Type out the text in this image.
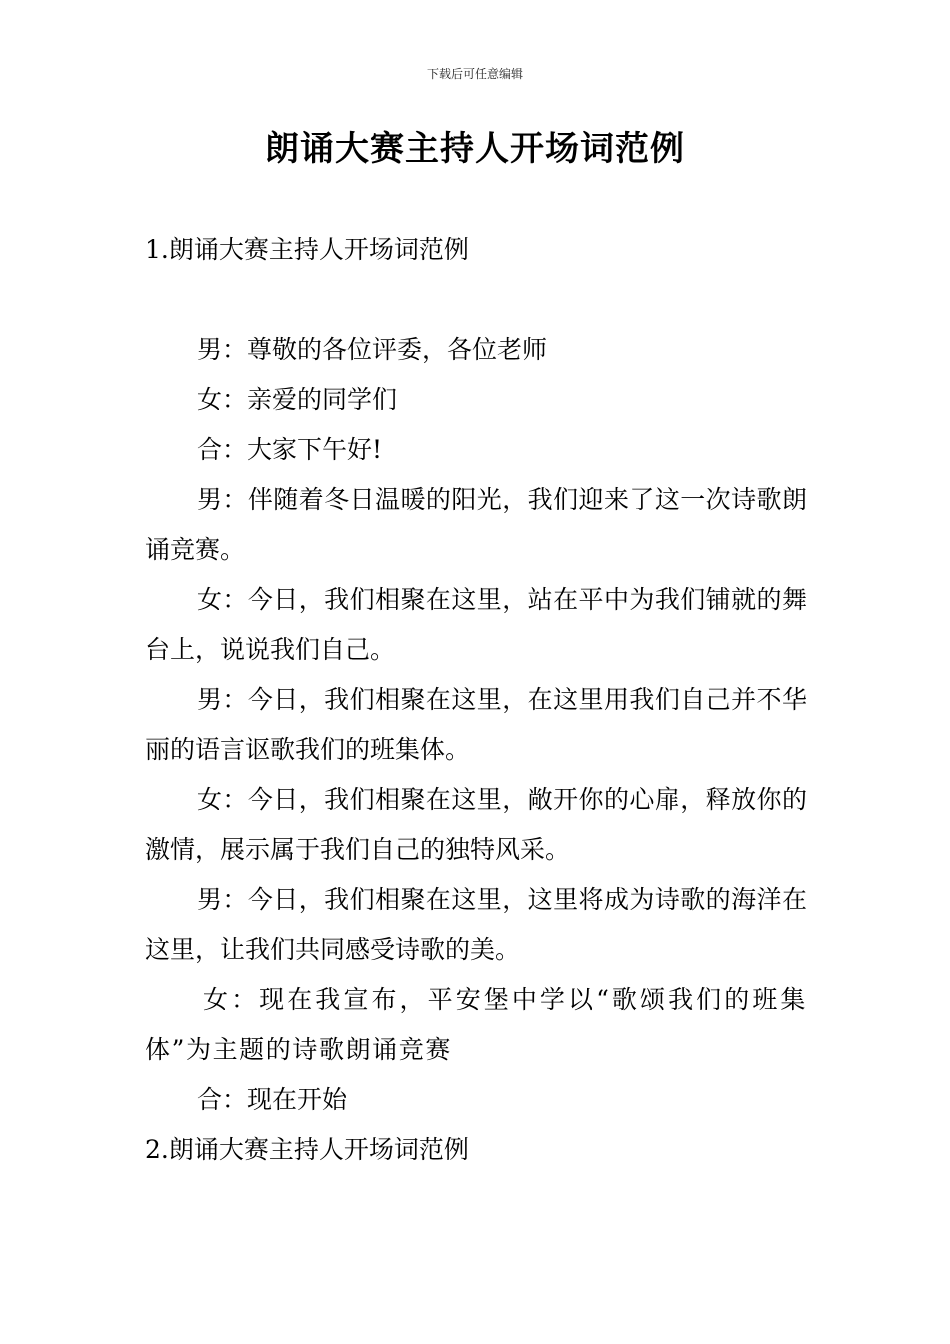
下载后可任意编辑
朗诵大赛主持人开场词范例

1.朗诵大赛主持人开场词范例

男：尊敬的各位评委，各位老师

女：亲爱的同学们

合：大家下午好!

男：伴随着冬日温暖的阳光，我们迎来了这一次诗歌朗诵竞赛。

女：今日，我们相聚在这里，站在平中为我们铺就的舞台上，说说我们自己。

男：今日，我们相聚在这里，在这里用我们自己并不华丽的语言讴歌我们的班集体。

女：今日，我们相聚在这里，敞开你的心扉，释放你的激情，展示属于我们自己的独特风采。

男：今日，我们相聚在这里，这里将成为诗歌的海洋在这里，让我们共同感受诗歌的美。

女：现在我宣布，平安堡中学以“歌颂我们的班集体”为主题的诗歌朗诵竞赛

合：现在开始

2.朗诵大赛主持人开场词范例
